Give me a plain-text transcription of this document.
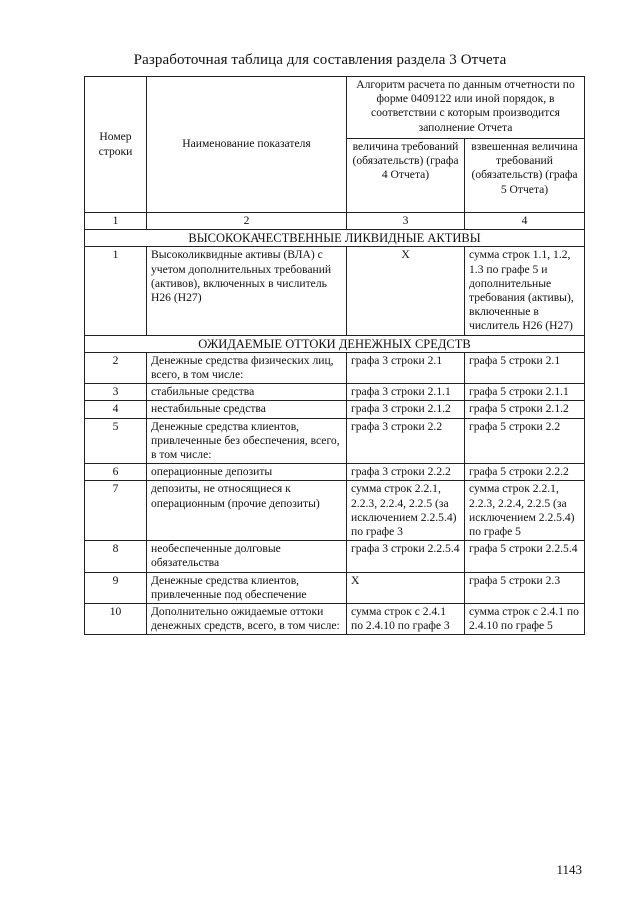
Разработочная таблица для составления раздела 3 Отчета
Номер строки	Наименование показателя	Алгоритм расчета по данным отчетности по форме 0409122 или иной порядок, в соответствии с которым производится заполнение Отчета	
		величина требований (обязательств) (графа 4 Отчета)	взвешенная величина требований (обязательств) (графа 5 Отчета)
1	2	3	4
ВЫСОКОКАЧЕСТВЕННЫЕ ЛИКВИДНЫЕ АКТИВЫ			
1	Высоколиквидные активы (ВЛА) с учетом дополнительных требований (активов), включенных в числитель Н26 (Н27)	X	сумма строк 1.1, 1.2, 1.3 по графе 5 и дополнительные требования (активы), включенные в числитель Н26 (Н27)
ОЖИДАЕМЫЕ ОТТОКИ ДЕНЕЖНЫХ СРЕДСТВ			
2	Денежные средства физических лиц, всего, в том числе:	графа 3 строки 2.1	графа 5 строки 2.1
3	стабильные средства	графа 3 строки 2.1.1	графа 5 строки 2.1.1
4	нестабильные средства	графа 3 строки 2.1.2	графа 5 строки 2.1.2
5	Денежные средства клиентов, привлеченные без обеспечения, всего, в том числе:	графа 3 строки 2.2	графа 5 строки 2.2
6	операционные депозиты	графа 3 строки 2.2.2	графа 5 строки 2.2.2
7	депозиты, не относящиеся к операционным (прочие депозиты)	сумма строк 2.2.1, 2.2.3, 2.2.4, 2.2.5 (за исключением 2.2.5.4) по графе 3	сумма строк 2.2.1, 2.2.3, 2.2.4, 2.2.5 (за исключением 2.2.5.4) по графе 5
8	необеспеченные долговые обязательства	графа 3 строки 2.2.5.4	графа 5 строки 2.2.5.4
9	Денежные средства клиентов, привлеченные под обеспечение	X	графа 5 строки 2.3
10	Дополнительно ожидаемые оттоки денежных средств, всего, в том числе:	сумма строк с 2.4.1 по 2.4.10 по графе 3	сумма строк с 2.4.1 по 2.4.10 по графе 5
1143
